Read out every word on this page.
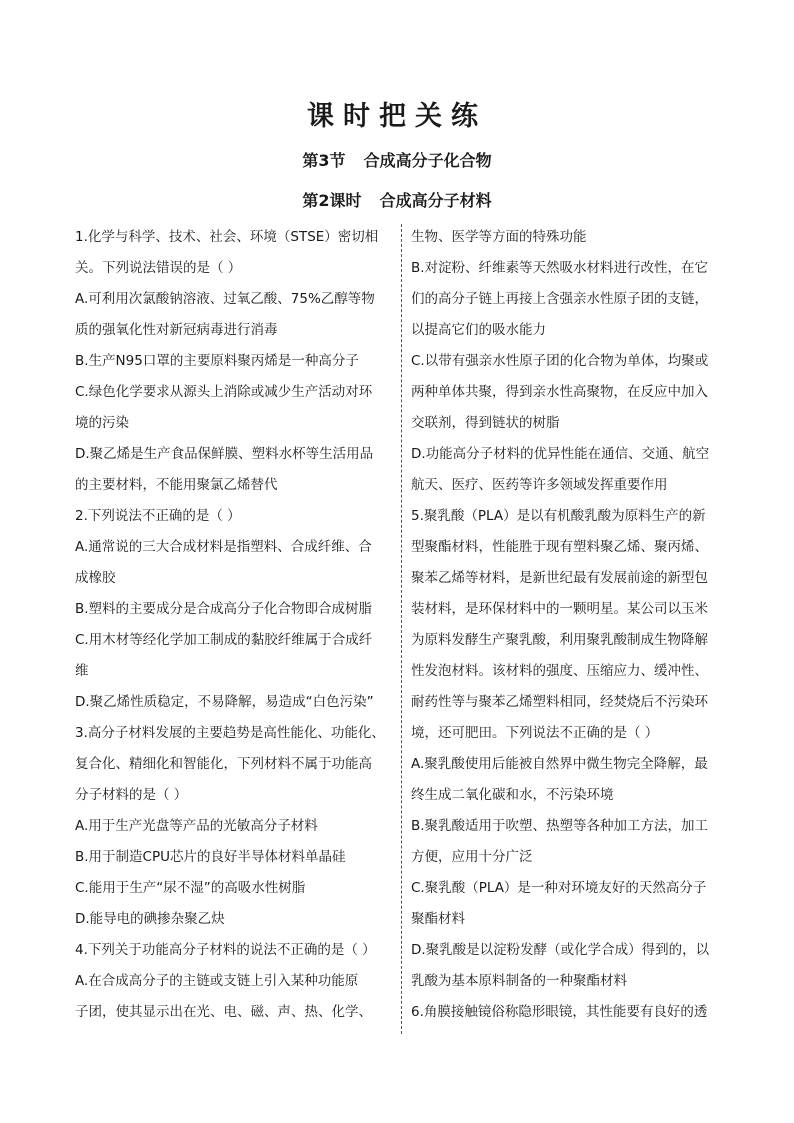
课时把关练
第3节 合成高分子化合物
第2课时 合成高分子材料
1.化学与科学、技术、社会、环境（STSE）密切相
关。下列说法错误的是（ ）
A.可利用次氯酸钠溶液、过氧乙酸、75%乙醇等物
质的强氧化性对新冠病毒进行消毒
B.生产N95口罩的主要原料聚丙烯是一种高分子
C.绿色化学要求从源头上消除或减少生产活动对环
境的污染
D.聚乙烯是生产食品保鲜膜、塑料水杯等生活用品
的主要材料，不能用聚氯乙烯替代
2.下列说法不正确的是（ ）
A.通常说的三大合成材料是指塑料、合成纤维、合
成橡胶
B.塑料的主要成分是合成高分子化合物即合成树脂
C.用木材等经化学加工制成的黏胶纤维属于合成纤
维
D.聚乙烯性质稳定，不易降解，易造成“白色污染”
3.高分子材料发展的主要趋势是高性能化、功能化、
复合化、精细化和智能化，下列材料不属于功能高
分子材料的是（ ）
A.用于生产光盘等产品的光敏高分子材料
B.用于制造CPU芯片的良好半导体材料单晶硅
C.能用于生产“尿不湿”的高吸水性树脂
D.能导电的碘掺杂聚乙炔
4.下列关于功能高分子材料的说法不正确的是（ ）
A.在合成高分子的主链或支链上引入某种功能原
子团，使其显示出在光、电、磁、声、热、化学、
生物、医学等方面的特殊功能
B.对淀粉、纤维素等天然吸水材料进行改性，在它
们的高分子链上再接上含强亲水性原子团的支链，
以提高它们的吸水能力
C.以带有强亲水性原子团的化合物为单体，均聚或
两种单体共聚，得到亲水性高聚物，在反应中加入
交联剂，得到链状的树脂
D.功能高分子材料的优异性能在通信、交通、航空
航天、医疗、医药等许多领域发挥重要作用
5.聚乳酸（PLA）是以有机酸乳酸为原料生产的新
型聚酯材料，性能胜于现有塑料聚乙烯、聚丙烯、
聚苯乙烯等材料，是新世纪最有发展前途的新型包
装材料，是环保材料中的一颗明星。某公司以玉米
为原料发酵生产聚乳酸，利用聚乳酸制成生物降解
性发泡材料。该材料的强度、压缩应力、缓冲性、
耐药性等与聚苯乙烯塑料相同，经焚烧后不污染环
境，还可肥田。下列说法不正确的是（ ）
A.聚乳酸使用后能被自然界中微生物完全降解，最
终生成二氧化碳和水，不污染环境
B.聚乳酸适用于吹塑、热塑等各种加工方法，加工
方便，应用十分广泛
C.聚乳酸（PLA）是一种对环境友好的天然高分子
聚酯材料
D.聚乳酸是以淀粉发酵（或化学合成）得到的，以
乳酸为基本原料制备的一种聚酯材料
6.角膜接触镜俗称隐形眼镜，其性能要有良好的透
